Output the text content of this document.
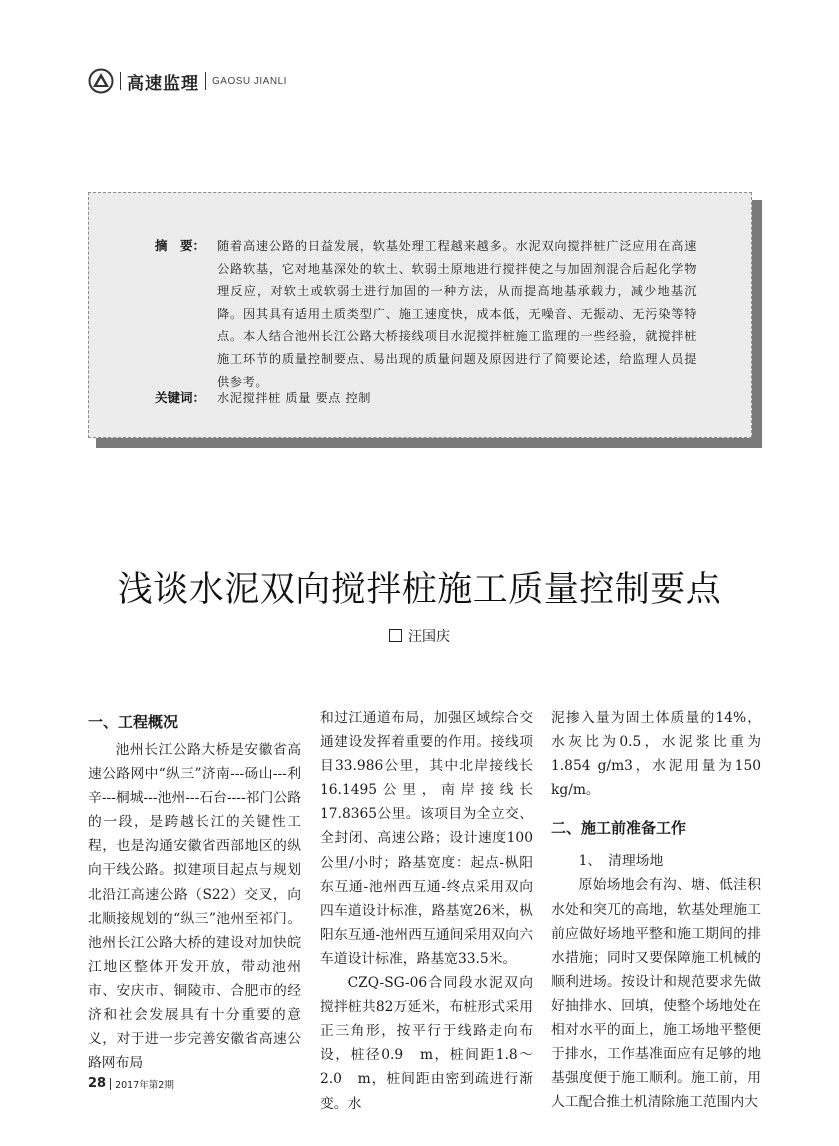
高速监理 GAOSU JIANLI
摘　要： 随着高速公路的日益发展，软基处理工程越来越多。水泥双向搅拌桩广泛应用在高速公路软基，它对地基深处的软土、软弱土原地进行搅拌使之与加固剂混合后起化学物理反应，对软土或软弱土进行加固的一种方法，从而提高地基承载力，减少地基沉降。因其具有适用土质类型广、施工速度快，成本低，无噪音、无振动、无污染等特点。本人结合池州长江公路大桥接线项目水泥搅拌桩施工监理的一些经验，就搅拌桩施工环节的质量控制要点、易出现的质量问题及原因进行了简要论述，给监理人员提供参考。
关键词： 水泥搅拌桩 质量 要点 控制
浅谈水泥双向搅拌桩施工质量控制要点
汪国庆

一、工程概况

池州长江公路大桥是安徽省高速公路网中“纵三”济南---砀山---利辛---桐城---池州---石台----祁门公路的一段，是跨越长江的关键性工程，也是沟通安徽省西部地区的纵向干线公路。拟建项目起点与规划北沿江高速公路（S22）交叉，向北顺接规划的“纵三”池州至祁门。池州长江公路大桥的建设对加快皖江地区整体开发开放，带动池州市、安庆市、铜陵市、合肥市的经济和社会发展具有十分重要的意义，对于进一步完善安徽省高速公路网布局

和过江通道布局，加强区域综合交通建设发挥着重要的作用。接线项目33.986公里，其中北岸接线长16.1495公里，南岸接线长17.8365公里。该项目为全立交、全封闭、高速公路；设计速度100公里/小时；路基宽度：起点-枞阳东互通-池州西互通-终点采用双向四车道设计标准，路基宽26米，枞阳东互通-池州西互通间采用双向六车道设计标准，路基宽33.5米。

CZQ-SG-06合同段水泥双向搅拌桩共82万延米，布桩形式采用正三角形，按平行于线路走向布设，桩径0.9　m，桩间距1.8～2.0　m，桩间距由密到疏进行渐变。水

泥掺入量为固土体质量的14%，水灰比为0.5，水泥浆比重为1.854 g/m3，水泥用量为150 kg/m。

二、施工前准备工作

1、　清理场地

原始场地会有沟、塘、低洼积水处和突兀的高地，软基处理施工前应做好场地平整和施工期间的排水措施；同时又要保障施工机械的顺利进场。按设计和规范要求先做好抽排水、回填，使整个场地处在相对水平的面上，施工场地平整便于排水，工作基准面应有足够的地基强度便于施工顺利。施工前，用人工配合推土机清除施工范围内大

28 2017年第2期
